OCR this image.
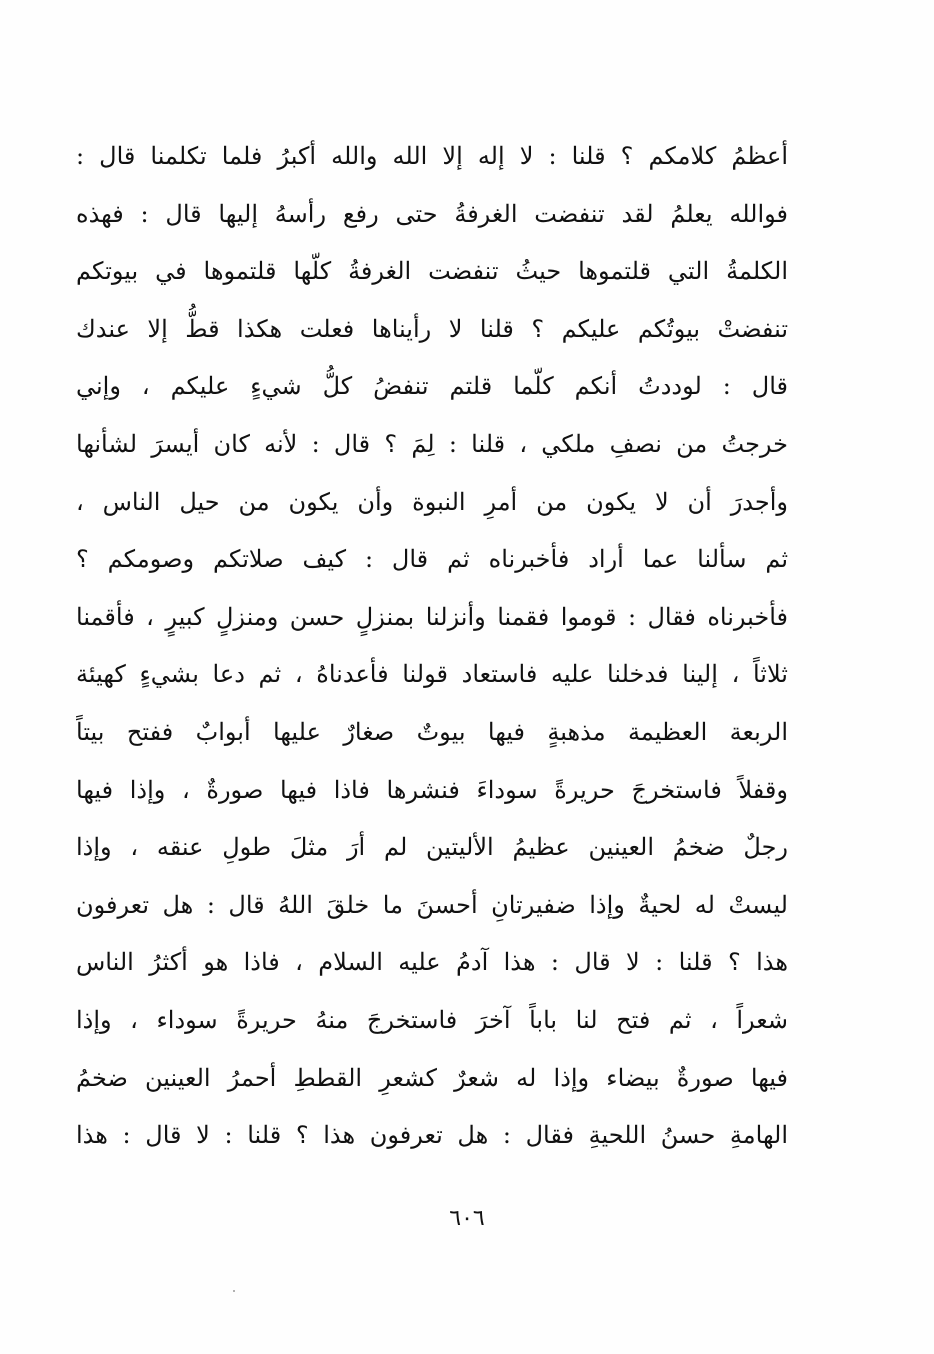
أعظمُ كلامكم ؟ قلنا : لا إله إلا الله والله أكبرُ فلما تكلمنا قال :
فوالله يعلمُ لقد تنفضت الغرفةُ حتى رفع رأسهُ إليها قال : فهذه
الكلمةُ التي قلتموها حيثُ تنفضت الغرفةُ كلّها قلتموها في بيوتكم
تنفضتْ بيوتُكم عليكم ؟ قلنا لا رأيناها فعلت هكذا قطُّ إلا عندك
قال : لوددتُ أنكم كلّما قلتم تنفضُ كلُّ شيءٍ عليكم ، وإني
خرجتُ من نصفِ ملكي ، قلنا : لِمَ ؟ قال : لأنه كان أيسرَ لشأنها
وأجدرَ أن لا يكون من أمرِ النبوة وأن يكون من حيل الناس ،
ثم سألنا عما أراد فأخبرناه ثم قال : كيف صلاتكم وصومكم ؟
فأخبرناه فقال : قوموا فقمنا وأنزلنا بمنزلٍ حسن ومنزلٍ كبيرٍ ، فأقمنا
ثلاثاً ، إلينا فدخلنا عليه فاستعاد قولنا فأعدناهُ ، ثم دعا بشيءٍ كهيئة
الربعة العظيمة مذهبةٍ فيها بيوتٌ صغارٌ عليها أبوابٌ ففتح بيتاً
وقفلاً فاستخرجَ حريرةً سوداءَ فنشرها فاذا فيها صورةٌ ، وإذا فيها
رجلٌ ضخمُ العينين عظيمُ الأليتين لم أرَ مثلَ طولِ عنقه ، وإذا
ليستْ له لحيةٌ وإذا ضفيرتانِ أحسنَ ما خلقَ اللهُ قال : هل تعرفون
هذا ؟ قلنا : لا قال : هذا آدمُ عليه السلام ، فاذا هو أكثرُ الناس
شعراً ، ثم فتح لنا باباً آخرَ فاستخرجَ منهُ حريرةً سوداء ، وإذا
فيها صورةٌ بيضاء وإذا له شعرٌ كشعرِ القططِ أحمرُ العينين ضخمُ
الهامةِ حسنُ اللحيةِ فقال : هل تعرفون هذا ؟ قلنا : لا قال : هذا
٦٠٦
